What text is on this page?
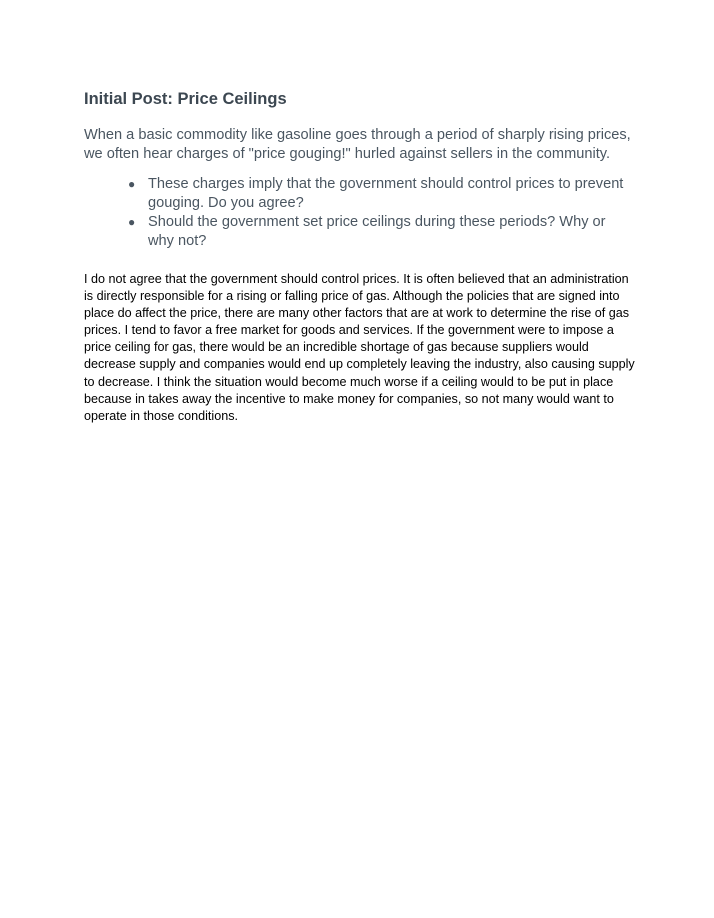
Initial Post: Price Ceilings

When a basic commodity like gasoline goes through a period of sharply rising prices, we often hear charges of "price gouging!" hurled against sellers in the community.

● These charges imply that the government should control prices to prevent gouging. Do you agree?
● Should the government set price ceilings during these periods? Why or why not?

I do not agree that the government should control prices. It is often believed that an administration is directly responsible for a rising or falling price of gas. Although the policies that are signed into place do affect the price, there are many other factors that are at work to determine the rise of gas prices. I tend to favor a free market for goods and services. If the government were to impose a price ceiling for gas, there would be an incredible shortage of gas because suppliers would decrease supply and companies would end up completely leaving the industry, also causing supply to decrease. I think the situation would become much worse if a ceiling would to be put in place because in takes away the incentive to make money for companies, so not many would want to operate in those conditions.
